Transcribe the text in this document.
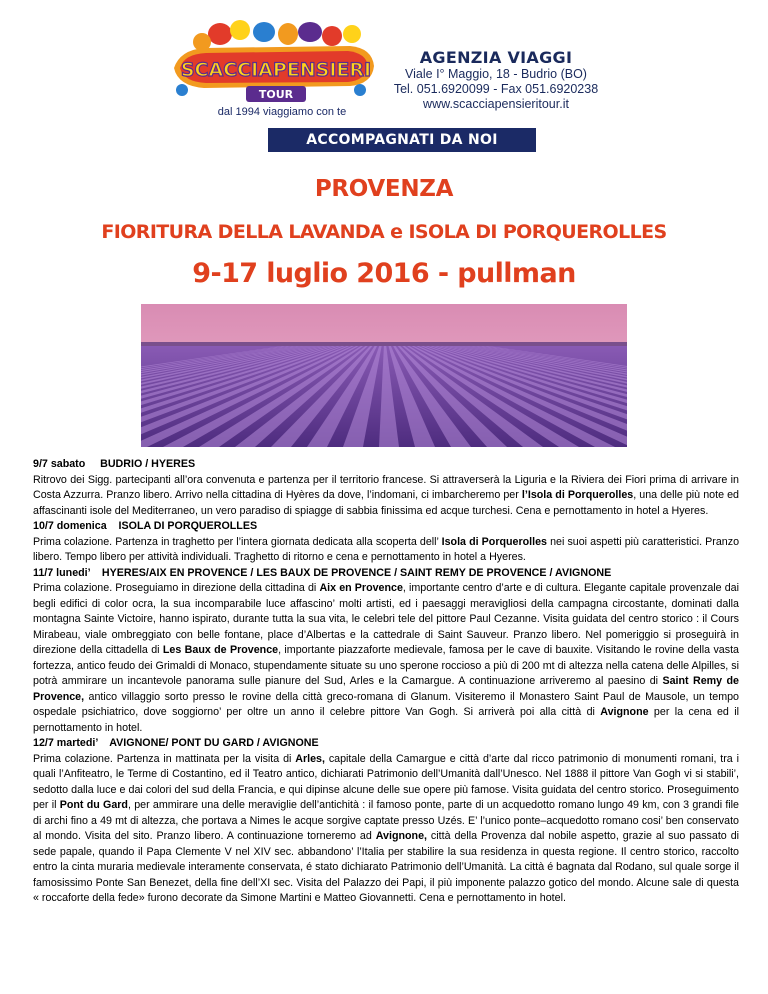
SCACCIAPENSIERI
TOUR
dal 1994 viaggiamo con te
AGENZIA VIAGGI
Viale I° Maggio, 18 - Budrio (BO)
Tel. 051.6920099 - Fax 051.6920238
www.scacciapensieritour.it
ACCOMPAGNATI DA NOI
PROVENZA
FIORITURA DELLA LAVANDA e ISOLA DI PORQUEROLLES
9-17 luglio 2016 - pullman

9/7 sabato     BUDRIO / HYERES

Ritrovo dei Sigg. partecipanti all’ora convenuta e partenza per il territorio francese. Si attraverserà la Liguria e la Riviera dei Fiori prima di arrivare in Costa Azzurra. Pranzo libero. Arrivo nella cittadina di Hyères da dove, l’indomani, ci imbarcheremo per l’Isola di Porquerolles, una delle più note ed affascinanti isole del Mediterraneo, un vero paradiso di spiagge di sabbia finissima ed acque turchesi. Cena e pernottamento in hotel a Hyeres.

10/7 domenica    ISOLA DI PORQUEROLLES

Prima colazione. Partenza in traghetto per l’intera giornata dedicata alla scoperta dell’ Isola di Porquerolles nei suoi aspetti più caratteristici. Pranzo libero. Tempo libero per attività individuali. Traghetto di ritorno e cena e pernottamento in hotel a Hyeres.

11/7 lunedi’    HYERES/AIX EN PROVENCE / LES BAUX DE PROVENCE / SAINT REMY DE PROVENCE / AVIGNONE

Prima colazione. Proseguiamo in direzione della cittadina di Aix en Provence, importante centro d’arte e di cultura. Elegante capitale provenzale dai begli edifici di color ocra, la sua incomparabile luce affascino’ molti artisti, ed i paesaggi meravigliosi della campagna circostante, dominati dalla montagna Sainte Victoire, hanno ispirato, durante tutta la sua vita, le celebri tele del pittore Paul Cezanne. Visita guidata del centro storico : il Cours Mirabeau, viale ombreggiato con belle fontane, place d’Albertas e la cattedrale di Saint Sauveur. Pranzo libero. Nel pomeriggio si proseguirà in direzione della cittadella di Les Baux de Provence, importante piazzaforte medievale, famosa per le cave di bauxite. Visitando le rovine della vasta fortezza, antico feudo dei Grimaldi di Monaco, stupendamente situate su uno sperone roccioso a più di 200 mt di altezza nella catena delle Alpilles, si potrà ammirare un incantevole panorama sulle pianure del Sud, Arles e la Camargue. A continuazione arriveremo al paesino di Saint Remy de Provence, antico villaggio sorto presso le rovine della città greco-romana di Glanum. Visiteremo il Monastero Saint Paul de Mausole, un tempo ospedale psichiatrico, dove soggiorno’ per oltre un anno il celebre pittore Van Gogh. Si arriverà poi alla città di Avignone per la cena ed il pernottamento in hotel.

12/7 martedi’    AVIGNONE/ PONT DU GARD / AVIGNONE

Prima colazione. Partenza in mattinata per la visita di Arles, capitale della Camargue e città d’arte dal ricco patrimonio di monumenti romani, tra i quali l’Anfiteatro, le Terme di Costantino, ed il Teatro antico, dichiarati Patrimonio dell’Umanità dall’Unesco. Nel 1888 il pittore Van Gogh vi si stabili’, sedotto dalla luce e dai colori del sud della Francia, e qui dipinse alcune delle sue opere più famose. Visita guidata del centro storico. Proseguimento per il Pont du Gard, per ammirare una delle meraviglie dell’antichità : il famoso ponte, parte di un acquedotto romano lungo 49 km, con 3 grandi file di archi fino a 49 mt di altezza, che portava a Nimes le acque sorgive captate presso Uzés. E’ l’unico ponte–acquedotto romano cosi’ ben conservato al mondo. Visita del sito. Pranzo libero. A continuazione torneremo ad Avignone, città della Provenza dal nobile aspetto, grazie al suo passato di sede papale, quando il Papa Clemente V nel XIV sec. abbandono’ l’Italia per stabilire la sua residenza in questa regione. Il centro storico, raccolto entro la cinta muraria medievale interamente conservata, é stato dichiarato Patrimonio dell’Umanità. La città é bagnata dal Rodano, sul quale sorge il famosissimo Ponte San Benezet, della fine dell’XI sec. Visita del Palazzo dei Papi, il più imponente palazzo gotico del mondo. Alcune sale di questa « roccaforte della fede» furono decorate da Simone Martini e Matteo Giovannetti. Cena e pernottamento in hotel.
